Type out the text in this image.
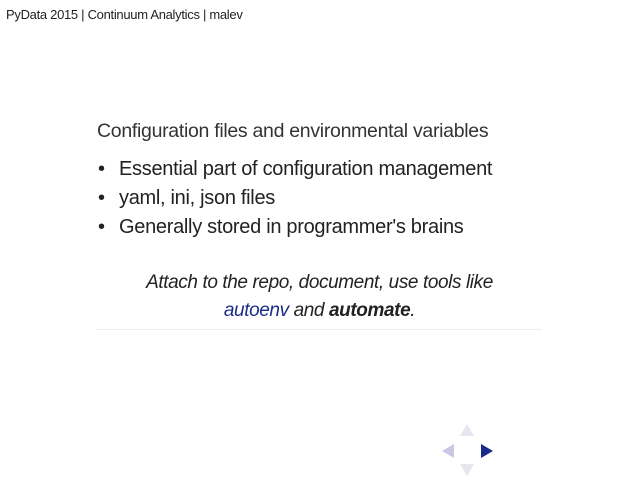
PyData 2015 | Continuum Analytics | malev
Configuration files and environmental variables
• Essential part of configuration management
• yaml, ini, json files
• Generally stored in programmer's brains
Attach to the repo, document, use tools like
autoenv and automate.
